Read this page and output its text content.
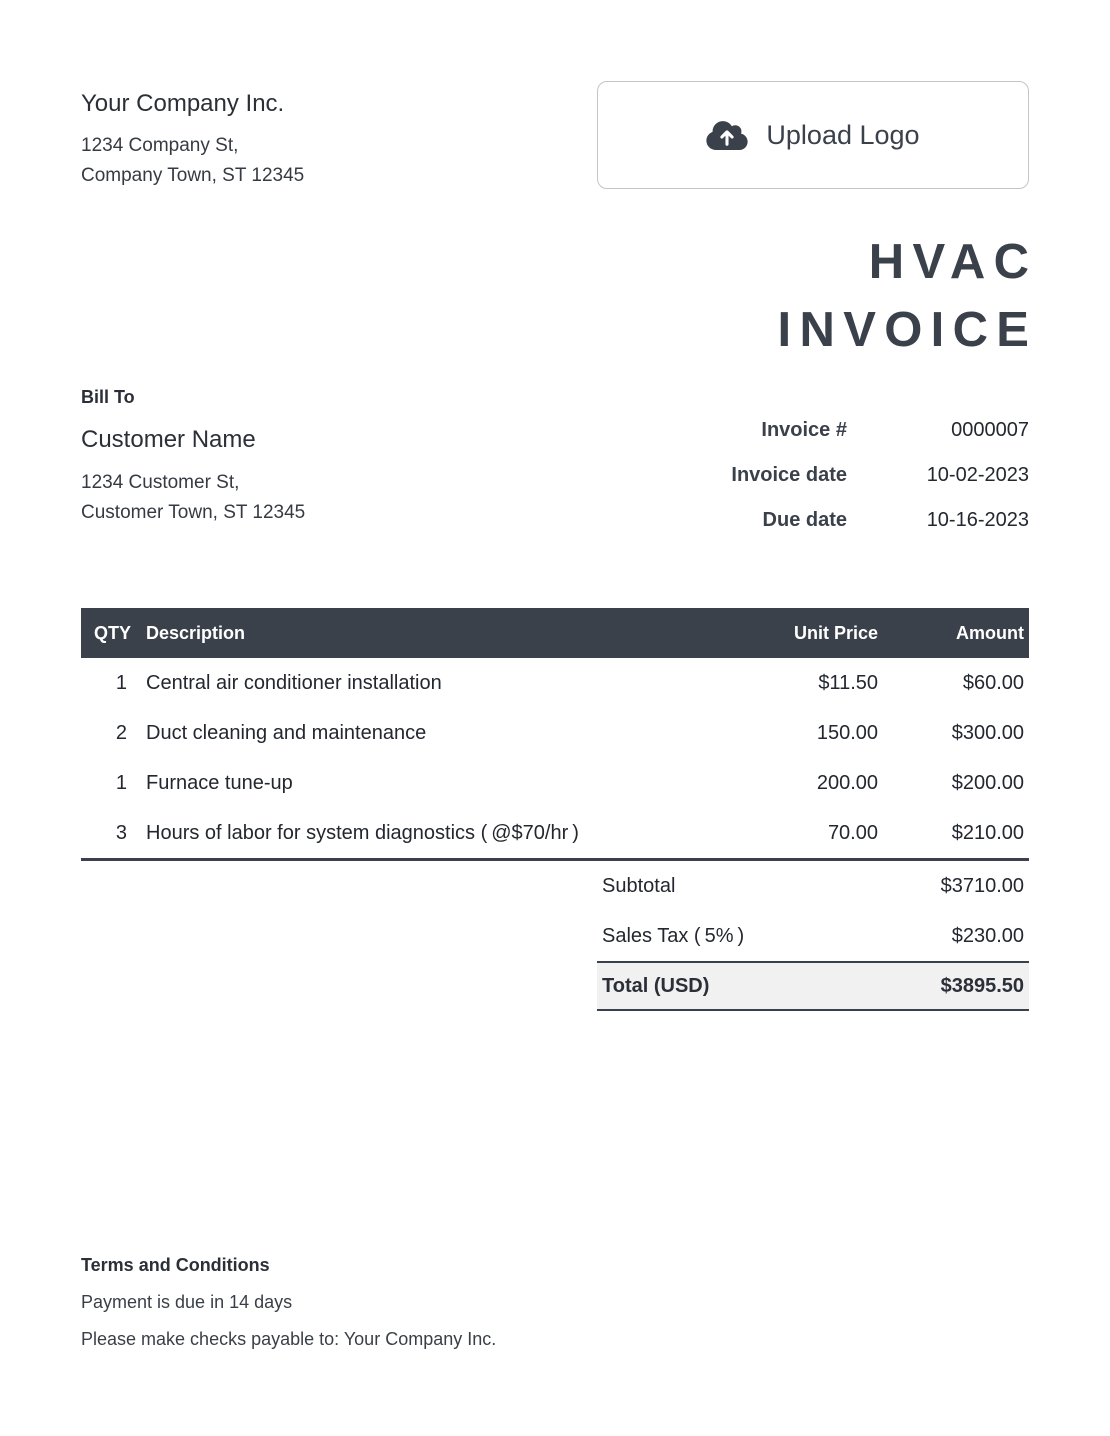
Your Company Inc.
1234 Company St,
Company Town, ST 12345
Upload Logo
HVAC
INVOICE
Bill To
Customer Name
1234 Customer St,
Customer Town, ST 12345
Invoice #	0000007
Invoice date	10-02-2023
Due date	10-16-2023
QTY Description	Unit Price	Amount
1 Central air conditioner installation	$11.50	$60.00
2 Duct cleaning and maintenance	150.00	$300.00
1 Furnace tune-up	200.00	$200.00
3 Hours of labor for system diagnostics ( @$70/hr )	70.00	$210.00
Subtotal	$3710.00
Sales Tax ( 5% )	$230.00
Total (USD)	$3895.50
Terms and Conditions
Payment is due in 14 days
Please make checks payable to: Your Company Inc.
